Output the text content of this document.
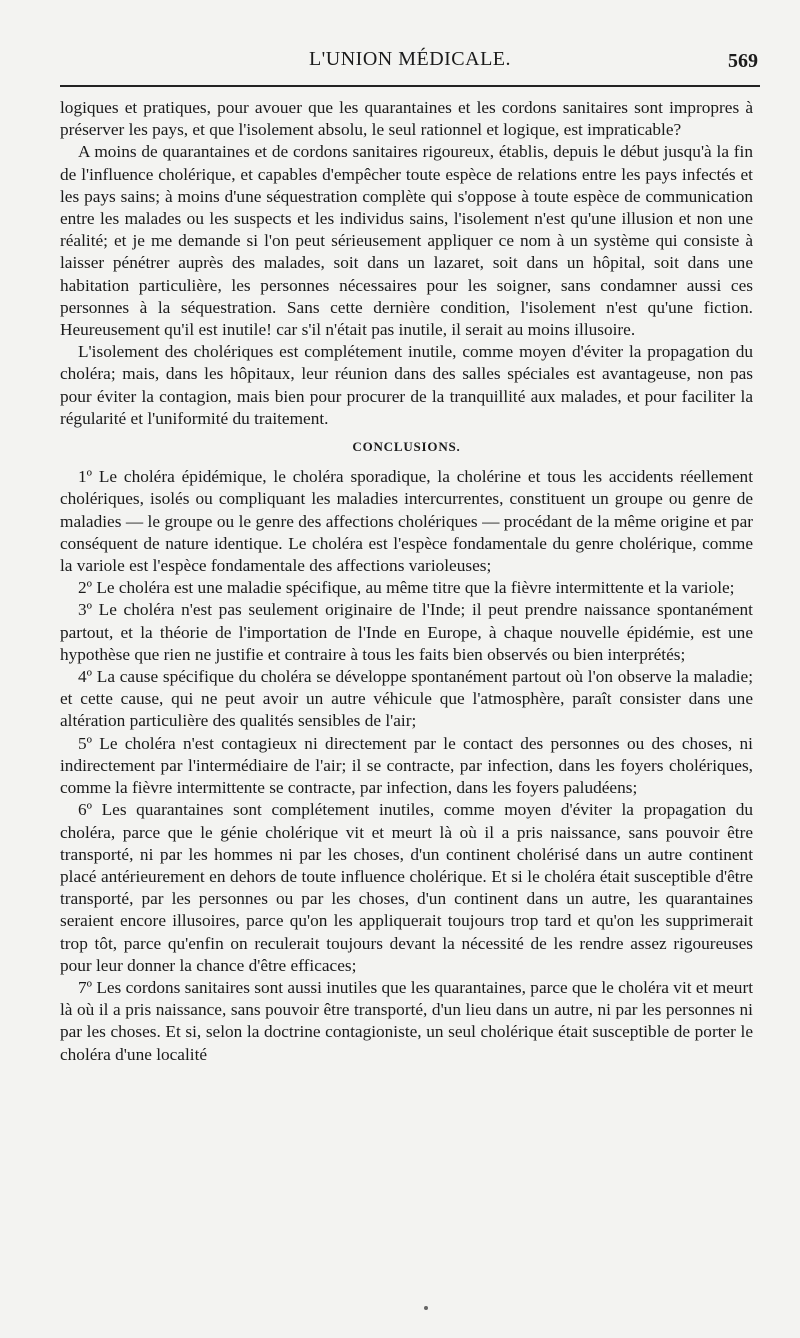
L'UNION MÉDICALE.	569

logiques et pratiques, pour avouer que les quarantaines et les cordons sanitaires sont impropres à préserver les pays, et que l'isolement absolu, le seul rationnel et logique, est impraticable?

A moins de quarantaines et de cordons sanitaires rigoureux, établis, depuis le début jusqu'à la fin de l'influence cholérique, et capables d'empêcher toute espèce de relations entre les pays infectés et les pays sains; à moins d'une séquestration complète qui s'oppose à toute espèce de communication entre les malades ou les suspects et les individus sains, l'isolement n'est qu'une illusion et non une réalité; et je me demande si l'on peut sérieusement appliquer ce nom à un système qui consiste à laisser pénétrer auprès des malades, soit dans un lazaret, soit dans un hôpital, soit dans une habitation particulière, les personnes nécessaires pour les soigner, sans condamner aussi ces personnes à la séquestration. Sans cette dernière condition, l'isolement n'est qu'une fiction. Heureusement qu'il est inutile! car s'il n'était pas inutile, il serait au moins illusoire.

L'isolement des cholériques est complétement inutile, comme moyen d'éviter la propagation du choléra; mais, dans les hôpitaux, leur réunion dans des salles spéciales est avantageuse, non pas pour éviter la contagion, mais bien pour procurer de la tranquillité aux malades, et pour faciliter la régularité et l'uniformité du traitement.

CONCLUSIONS.

1º Le choléra épidémique, le choléra sporadique, la cholérine et tous les accidents réellement cholériques, isolés ou compliquant les maladies intercurrentes, constituent un groupe ou genre de maladies — le groupe ou le genre des affections cholériques — procédant de la même origine et par conséquent de nature identique. Le choléra est l'espèce fondamentale du genre cholérique, comme la variole est l'espèce fondamentale des affections varioleuses;

2º Le choléra est une maladie spécifique, au même titre que la fièvre intermittente et la variole;

3º Le choléra n'est pas seulement originaire de l'Inde; il peut prendre naissance spontanément partout, et la théorie de l'importation de l'Inde en Europe, à chaque nouvelle épidémie, est une hypothèse que rien ne justifie et contraire à tous les faits bien observés ou bien interprétés;

4º La cause spécifique du choléra se développe spontanément partout où l'on observe la maladie; et cette cause, qui ne peut avoir un autre véhicule que l'atmosphère, paraît consister dans une altération particulière des qualités sensibles de l'air;

5º Le choléra n'est contagieux ni directement par le contact des personnes ou des choses, ni indirectement par l'intermédiaire de l'air; il se contracte, par infection, dans les foyers cholériques, comme la fièvre intermittente se contracte, par infection, dans les foyers paludéens;

6º Les quarantaines sont complétement inutiles, comme moyen d'éviter la propagation du choléra, parce que le génie cholérique vit et meurt là où il a pris naissance, sans pouvoir être transporté, ni par les hommes ni par les choses, d'un continent cholérisé dans un autre continent placé antérieurement en dehors de toute influence cholérique. Et si le choléra était susceptible d'être transporté, par les personnes ou par les choses, d'un continent dans un autre, les quarantaines seraient encore illusoires, parce qu'on les appliquerait toujours trop tard et qu'on les supprimerait trop tôt, parce qu'enfin on reculerait toujours devant la nécessité de les rendre assez rigoureuses pour leur donner la chance d'être efficaces;

7º Les cordons sanitaires sont aussi inutiles que les quarantaines, parce que le choléra vit et meurt là où il a pris naissance, sans pouvoir être transporté, d'un lieu dans un autre, ni par les personnes ni par les choses. Et si, selon la doctrine contagioniste, un seul cholérique était susceptible de porter le choléra d'une localité
